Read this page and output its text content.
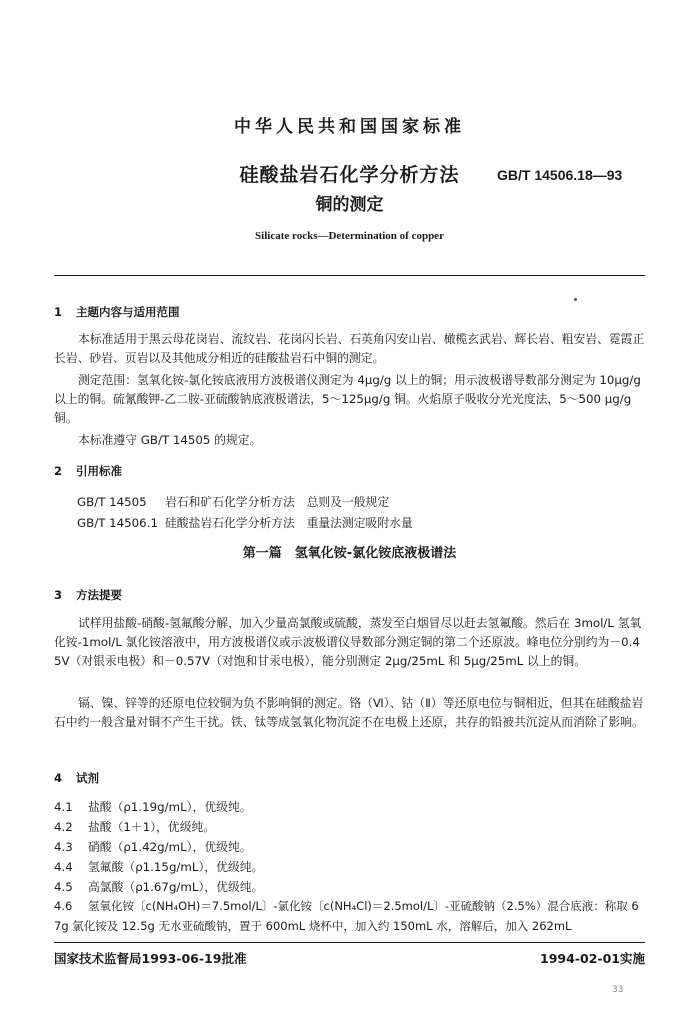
中华人民共和国国家标准
硅酸盐岩石化学分析方法
铜的测定
GB/T 14506.18—93
Silicate rocks—Determination of copper
1 主题内容与适用范围
本标准适用于黑云母花岗岩、流纹岩、花岗闪长岩、石英角闪安山岩、橄榄玄武岩、辉长岩、粗安岩、霓霞正长岩、砂岩、页岩以及其他成分相近的硅酸盐岩石中铜的测定。
测定范围：氢氧化铵-氯化铵底液用方波极谱仪测定为 4μg/g 以上的铜；用示波极谱导数部分测定为 10μg/g 以上的铜。硫氰酸钾-乙二胺-亚硫酸钠底液极谱法，5～125μg/g 铜。火焰原子吸收分光光度法，5～500 μg/g 铜。
本标准遵守 GB/T 14505 的规定。
2 引用标准
GB/T 14505 岩石和矿石化学分析方法　总则及一般规定
GB/T 14506.1 硅酸盐岩石化学分析方法　重量法测定吸附水量
第一篇　氢氧化铵-氯化铵底液极谱法
3 方法提要
试样用盐酸-硝酸-氢氟酸分解，加入少量高氯酸或硫酸，蒸发至白烟冒尽以赶去氢氟酸。然后在 3mol/L 氢氧化铵-1mol/L 氯化铵溶液中，用方波极谱仪或示波极谱仪导数部分测定铜的第二个还原波。峰电位分别约为－0.45V（对银汞电极）和－0.57V（对饱和甘汞电极），能分别测定 2μg/25mL 和 5μg/25mL 以上的铜。
镉、镍、锌等的还原电位较铜为负不影响铜的测定。铬（Ⅵ）、钴（Ⅱ）等还原电位与铜相近，但其在硅酸盐岩石中约一般含量对铜不产生干扰。铁、钛等成氢氧化物沉淀不在电极上还原，共存的铅被共沉淀从而消除了影响。
4 试剂
4.1 盐酸（ρ1.19g/mL），优级纯。
4.2 盐酸（1＋1），优级纯。
4.3 硝酸（ρ1.42g/mL），优级纯。
4.4 氢氟酸（ρ1.15g/mL），优级纯。
4.5 高氯酸（ρ1.67g/mL），优级纯。
4.6 氢氧化铵〔c(NH₄OH)＝7.5mol/L〕-氯化铵〔c(NH₄Cl)＝2.5mol/L〕-亚硫酸钠（2.5%）混合底液：称取 67g 氯化铵及 12.5g 无水亚硫酸钠，置于 600mL 烧杯中，加入约 150mL 水，溶解后，加入 262mL
国家技术监督局1993-06-19批准	1994-02-01实施
33
